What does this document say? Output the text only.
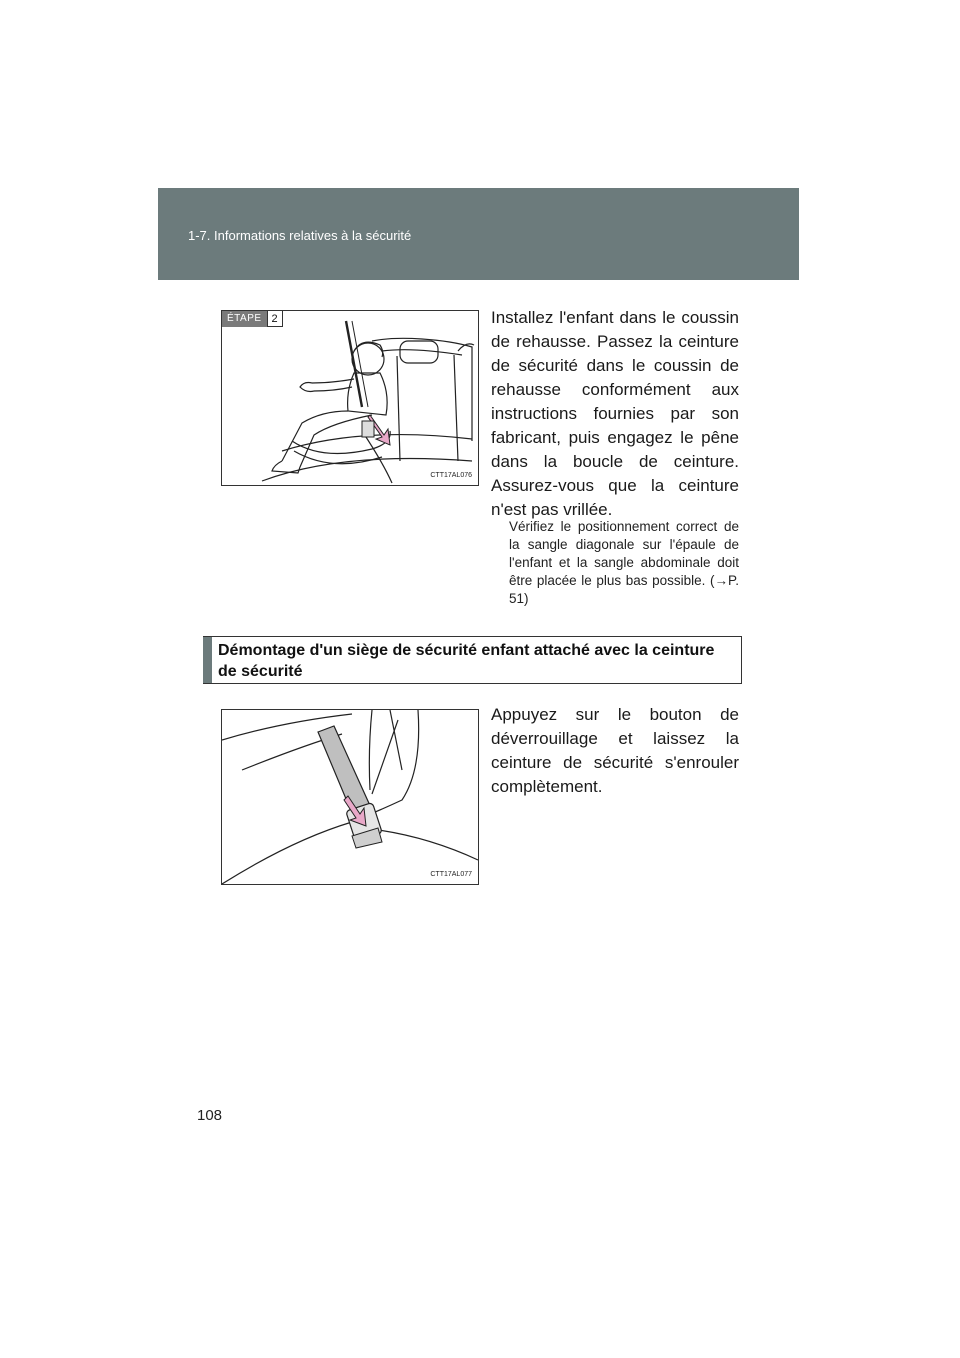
1-7. Informations relatives à la sécurité
ÉTAPE 2
CTT17AL076

Installez l'enfant dans le coussin de rehausse. Passez la ceinture de sécurité dans le coussin de rehausse conformément aux instructions fournies par son fabricant, puis engagez le pêne dans la boucle de ceinture. Assurez-vous que la ceinture n'est pas vrillée.

Vérifiez le positionnement correct de la sangle diagonale sur l'épaule de l'enfant et la sangle abdominale doit être placée le plus bas possible. (→P. 51)

Démontage d'un siège de sécurité enfant attaché avec la ceinture de sécurité
CTT17AL077

Appuyez sur le bouton de déverrouillage et laissez la ceinture de sécurité s'enrouler complètement.

108
